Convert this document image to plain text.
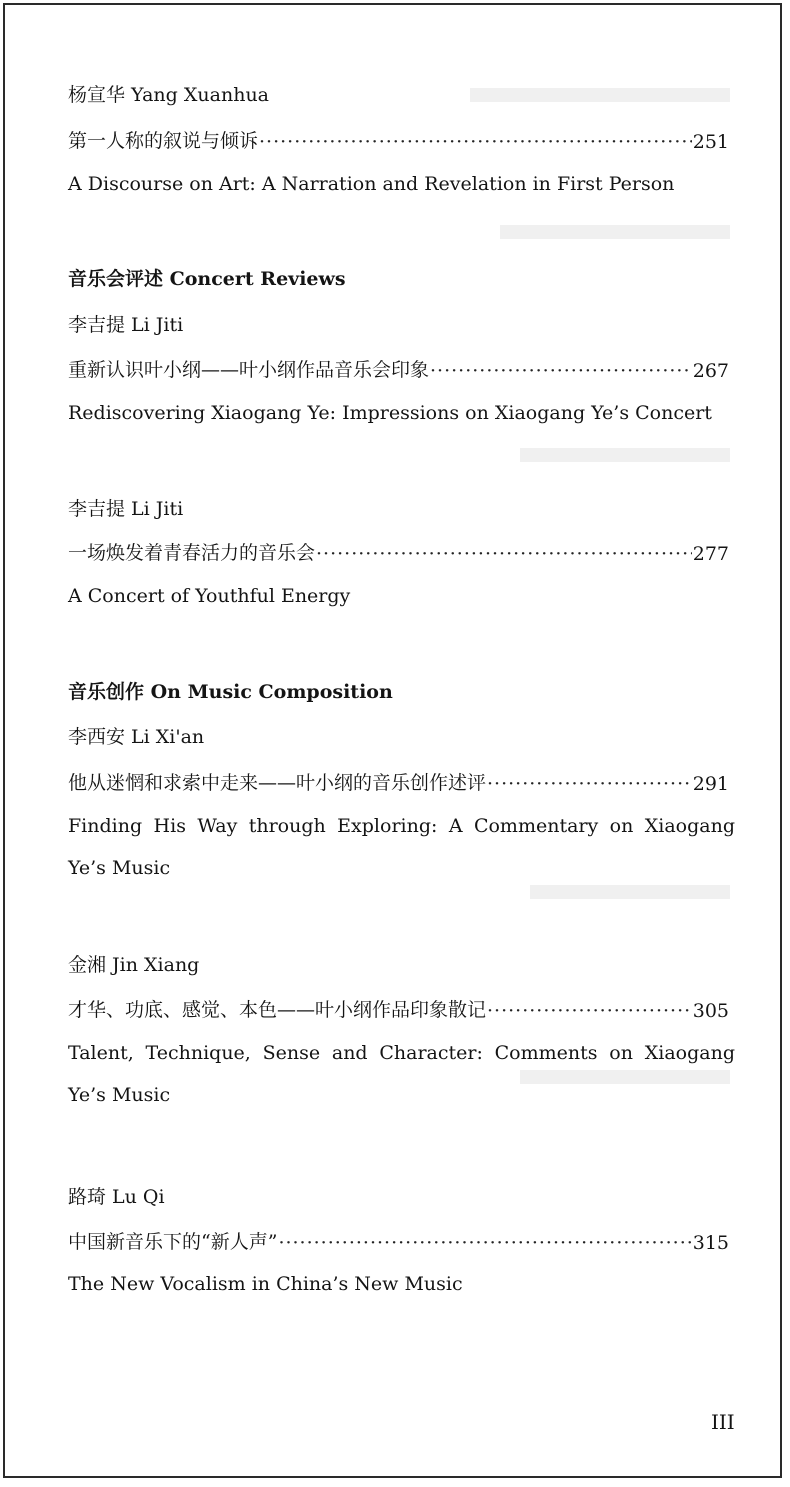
杨宣华 Yang Xuanhua
第一人称的叙说与倾诉 ·····	251
A Discourse on Art: A Narration and Revelation in First Person
音乐会评述 Concert Reviews
李吉提 Li Jiti
重新认识叶小纲——叶小纲作品音乐会印象 ·····	267
Rediscovering Xiaogang Ye: Impressions on Xiaogang Ye’s Concert
李吉提 Li Jiti
一场焕发着青春活力的音乐会 ·····	277
A Concert of Youthful Energy
音乐创作 On Music Composition
李西安 Li Xi'an
他从迷惘和求索中走来——叶小纲的音乐创作述评 ·····	291
Finding His Way through Exploring: A Commentary on Xiaogang Ye’s Music
金湘 Jin Xiang
才华、功底、感觉、本色——叶小纲作品印象散记 ·····	305
Talent, Technique, Sense and Character: Comments on Xiaogang Ye’s Music
路琦 Lu Qi
中国新音乐下的“新人声” ·····	315
The New Vocalism in China’s New Music
III
